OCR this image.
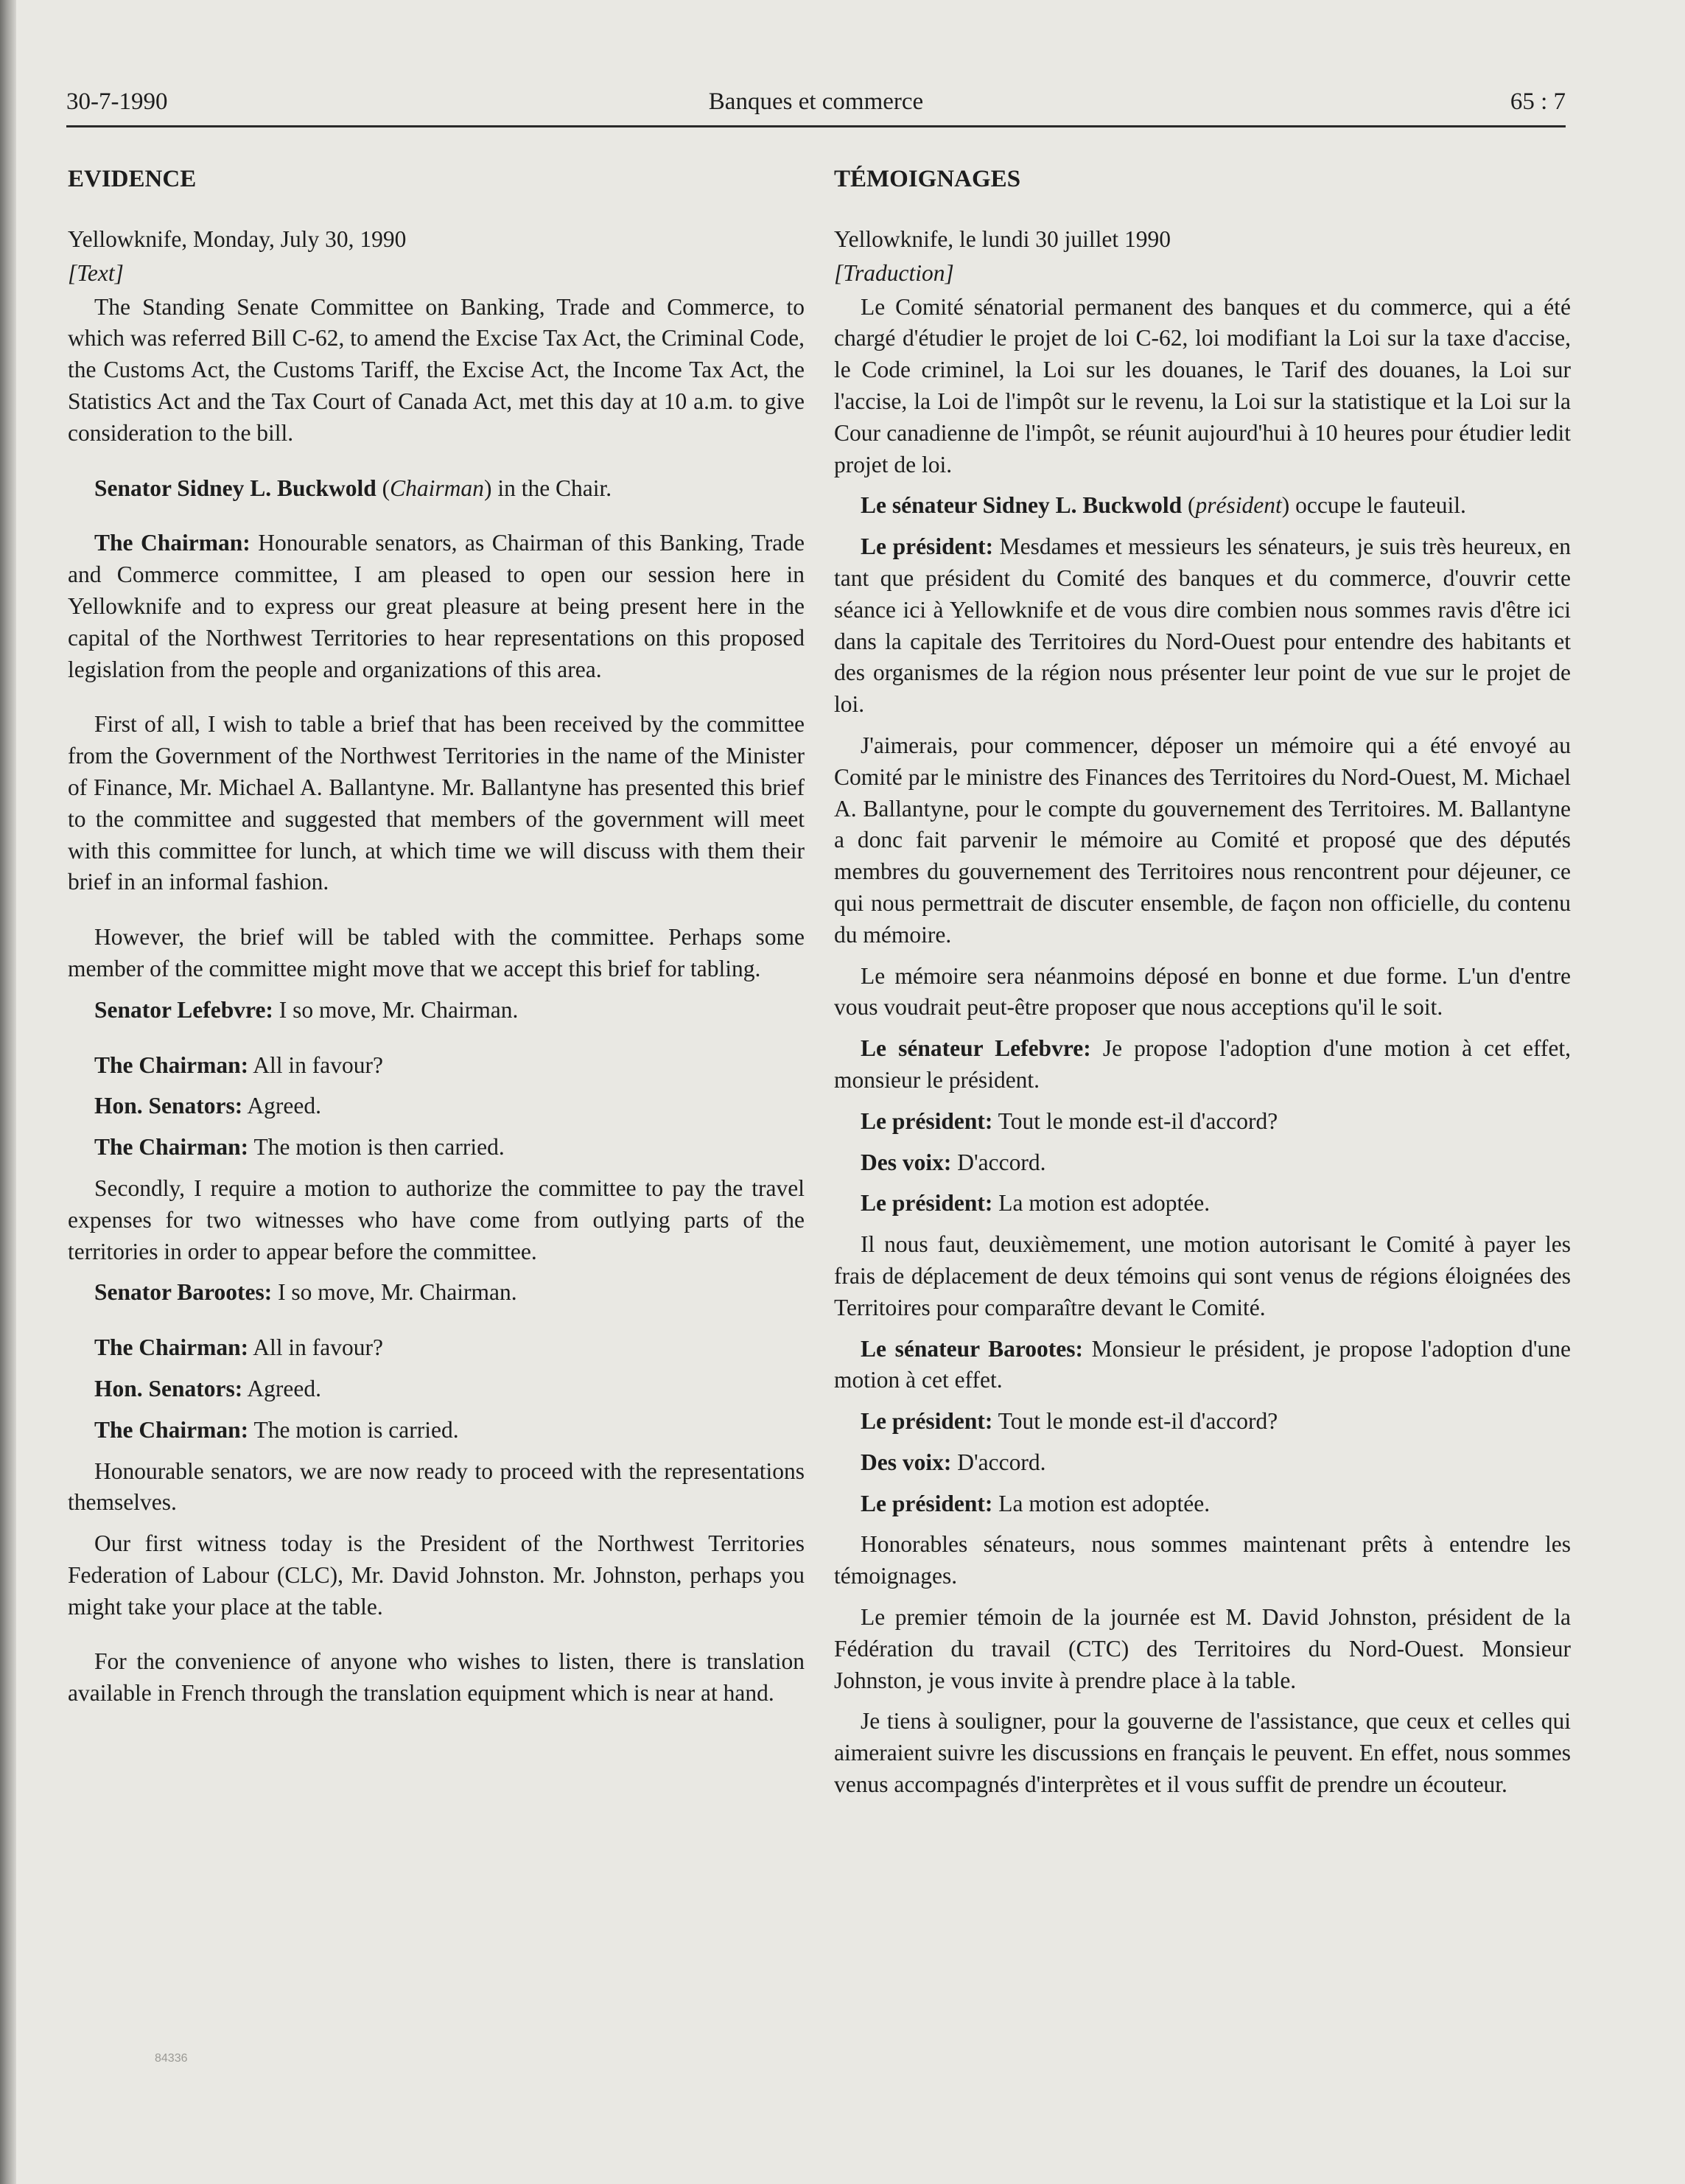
30-7-1990	Banques et commerce	65 : 7
EVIDENCE

Yellowknife, Monday, July 30, 1990

[Text]

The Standing Senate Committee on Banking, Trade and Commerce, to which was referred Bill C-62, to amend the Excise Tax Act, the Criminal Code, the Customs Act, the Customs Tariff, the Excise Act, the Income Tax Act, the Statistics Act and the Tax Court of Canada Act, met this day at 10 a.m. to give consideration to the bill.

Senator Sidney L. Buckwold (Chairman) in the Chair.

The Chairman: Honourable senators, as Chairman of this Banking, Trade and Commerce committee, I am pleased to open our session here in Yellowknife and to express our great pleasure at being present here in the capital of the Northwest Territories to hear representations on this proposed legislation from the people and organizations of this area.

First of all, I wish to table a brief that has been received by the committee from the Government of the Northwest Territories in the name of the Minister of Finance, Mr. Michael A. Ballantyne. Mr. Ballantyne has presented this brief to the committee and suggested that members of the government will meet with this committee for lunch, at which time we will discuss with them their brief in an informal fashion.

However, the brief will be tabled with the committee. Perhaps some member of the committee might move that we accept this brief for tabling.

Senator Lefebvre: I so move, Mr. Chairman.

The Chairman: All in favour?

Hon. Senators: Agreed.

The Chairman: The motion is then carried.

Secondly, I require a motion to authorize the committee to pay the travel expenses for two witnesses who have come from outlying parts of the territories in order to appear before the committee.

Senator Barootes: I so move, Mr. Chairman.

The Chairman: All in favour?

Hon. Senators: Agreed.

The Chairman: The motion is carried.

Honourable senators, we are now ready to proceed with the representations themselves.

Our first witness today is the President of the Northwest Territories Federation of Labour (CLC), Mr. David Johnston. Mr. Johnston, perhaps you might take your place at the table.

For the convenience of anyone who wishes to listen, there is translation available in French through the translation equipment which is near at hand.

TÉMOIGNAGES

Yellowknife, le lundi 30 juillet 1990

[Traduction]

Le Comité sénatorial permanent des banques et du commerce, qui a été chargé d'étudier le projet de loi C-62, loi modifiant la Loi sur la taxe d'accise, le Code criminel, la Loi sur les douanes, le Tarif des douanes, la Loi sur l'accise, la Loi de l'impôt sur le revenu, la Loi sur la statistique et la Loi sur la Cour canadienne de l'impôt, se réunit aujourd'hui à 10 heures pour étudier ledit projet de loi.

Le sénateur Sidney L. Buckwold (président) occupe le fauteuil.

Le président: Mesdames et messieurs les sénateurs, je suis très heureux, en tant que président du Comité des banques et du commerce, d'ouvrir cette séance ici à Yellowknife et de vous dire combien nous sommes ravis d'être ici dans la capitale des Territoires du Nord-Ouest pour entendre des habitants et des organismes de la région nous présenter leur point de vue sur le projet de loi.

J'aimerais, pour commencer, déposer un mémoire qui a été envoyé au Comité par le ministre des Finances des Territoires du Nord-Ouest, M. Michael A. Ballantyne, pour le compte du gouvernement des Territoires. M. Ballantyne a donc fait parvenir le mémoire au Comité et proposé que des députés membres du gouvernement des Territoires nous rencontrent pour déjeuner, ce qui nous permettrait de discuter ensemble, de façon non officielle, du contenu du mémoire.

Le mémoire sera néanmoins déposé en bonne et due forme. L'un d'entre vous voudrait peut-être proposer que nous acceptions qu'il le soit.

Le sénateur Lefebvre: Je propose l'adoption d'une motion à cet effet, monsieur le président.

Le président: Tout le monde est-il d'accord?

Des voix: D'accord.

Le président: La motion est adoptée.

Il nous faut, deuxièmement, une motion autorisant le Comité à payer les frais de déplacement de deux témoins qui sont venus de régions éloignées des Territoires pour comparaître devant le Comité.

Le sénateur Barootes: Monsieur le président, je propose l'adoption d'une motion à cet effet.

Le président: Tout le monde est-il d'accord?

Des voix: D'accord.

Le président: La motion est adoptée.

Honorables sénateurs, nous sommes maintenant prêts à entendre les témoignages.

Le premier témoin de la journée est M. David Johnston, président de la Fédération du travail (CTC) des Territoires du Nord-Ouest. Monsieur Johnston, je vous invite à prendre place à la table.

Je tiens à souligner, pour la gouverne de l'assistance, que ceux et celles qui aimeraient suivre les discussions en français le peuvent. En effet, nous sommes venus accompagnés d'interprètes et il vous suffit de prendre un écouteur.

84336
